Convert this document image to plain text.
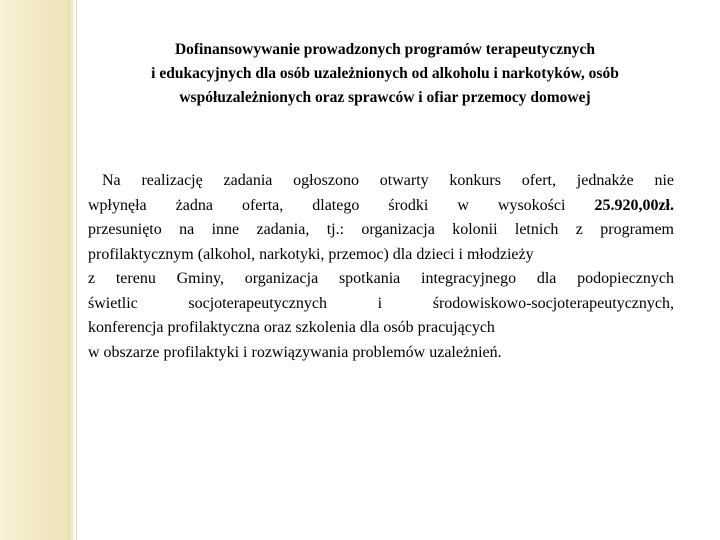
Dofinansowywanie prowadzonych programów terapeutycznych
i edukacyjnych dla osób uzależnionych od alkoholu i narkotyków, osób
współuzależnionych oraz sprawców i ofiar przemocy domowej
Na realizację zadania ogłoszono otwarty konkurs ofert, jednakże nie
wpłynęła żadna oferta, dlatego środki w wysokości 25.920,00zł.
przesunięto na inne zadania, tj.: organizacja kolonii letnich z programem
profilaktycznym (alkohol, narkotyki, przemoc) dla dzieci i młodzieży
z terenu Gminy, organizacja spotkania integracyjnego dla podopiecznych
świetlic socjoterapeutycznych i środowiskowo-socjoterapeutycznych,
konferencja profilaktyczna oraz szkolenia dla osób pracujących
w obszarze profilaktyki i rozwiązywania problemów uzależnień.
